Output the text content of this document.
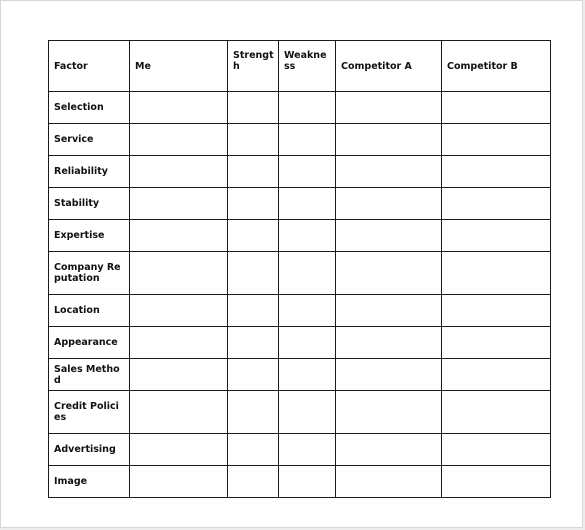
Factor	Me	Strength	Weakness	Competitor A	Competitor B
Selection					
Service					
Reliability					
Stability					
Expertise					
Company Reputation					
Location					
Appearance					
Sales Method					
Credit Policies					
Advertising					
Image					
